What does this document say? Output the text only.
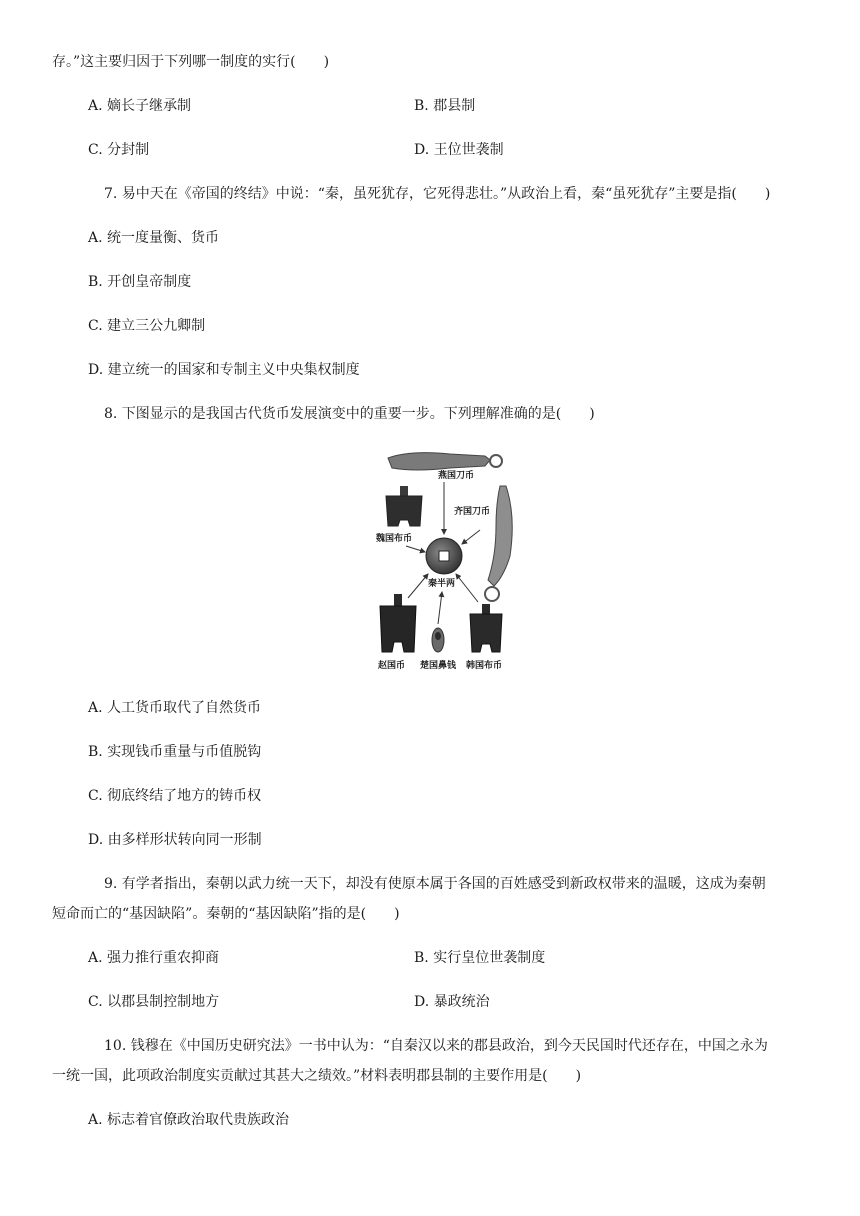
存。”这主要归因于下列哪一制度的实行(　　)
A. 嫡长子继承制	B. 郡县制
C. 分封制	D. 王位世袭制
7. 易中天在《帝国的终结》中说：“秦，虽死犹存，它死得悲壮。”从政治上看，秦“虽死犹存”主要是指(　　)
A. 统一度量衡、货币
B. 开创皇帝制度
C. 建立三公九卿制
D. 建立统一的国家和专制主义中央集权制度
8. 下图显示的是我国古代货币发展演变中的重要一步。下列理解准确的是(　　)
燕国刀币
齐国刀币
魏国布币
秦半两
赵国币 楚国鼻钱 韩国布币
A. 人工货币取代了自然货币
B. 实现钱币重量与币值脱钩
C. 彻底终结了地方的铸币权
D. 由多样形状转向同一形制
9. 有学者指出，秦朝以武力统一天下，却没有使原本属于各国的百姓感受到新政权带来的温暖，这成为秦朝
短命而亡的“基因缺陷”。秦朝的“基因缺陷”指的是(　　)
A. 强力推行重农抑商	B. 实行皇位世袭制度
C. 以郡县制控制地方	D. 暴政统治
10. 钱穆在《中国历史研究法》一书中认为：“自秦汉以来的郡县政治，到今天民国时代还存在，中国之永为
一统一国，此项政治制度实贡献过其甚大之绩效。”材料表明郡县制的主要作用是(　　)
A. 标志着官僚政治取代贵族政治
